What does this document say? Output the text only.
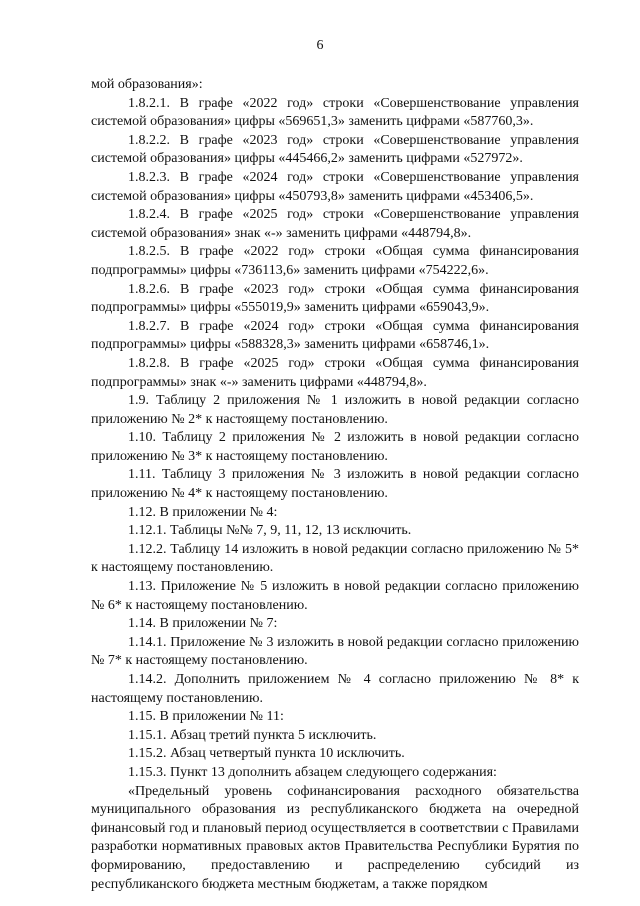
6

мой образования»:

1.8.2.1. В графе «2022 год» строки «Совершенствование управления системой образования» цифры «569651,3» заменить цифрами «587760,3».

1.8.2.2. В графе «2023 год» строки «Совершенствование управления системой образования» цифры «445466,2» заменить цифрами «527972».

1.8.2.3. В графе «2024 год» строки «Совершенствование управления системой образования» цифры «450793,8» заменить цифрами «453406,5».

1.8.2.4. В графе «2025 год» строки «Совершенствование управления системой образования» знак «-» заменить цифрами «448794,8».

1.8.2.5. В графе «2022 год» строки «Общая сумма финансирования подпрограммы» цифры «736113,6» заменить цифрами «754222,6».

1.8.2.6. В графе «2023 год» строки «Общая сумма финансирования подпрограммы» цифры «555019,9» заменить цифрами «659043,9».

1.8.2.7. В графе «2024 год» строки «Общая сумма финансирования подпрограммы» цифры «588328,3» заменить цифрами «658746,1».

1.8.2.8. В графе «2025 год» строки «Общая сумма финансирования подпрограммы» знак «-» заменить цифрами «448794,8».

1.9. Таблицу 2 приложения № 1 изложить в новой редакции согласно приложению № 2* к настоящему постановлению.

1.10. Таблицу 2 приложения № 2 изложить в новой редакции согласно приложению № 3* к настоящему постановлению.

1.11. Таблицу 3 приложения № 3 изложить в новой редакции согласно приложению № 4* к настоящему постановлению.

1.12. В приложении № 4:

1.12.1. Таблицы №№ 7, 9, 11, 12, 13 исключить.

1.12.2. Таблицу 14 изложить в новой редакции согласно приложению № 5* к настоящему постановлению.

1.13. Приложение № 5 изложить в новой редакции согласно приложению № 6* к настоящему постановлению.

1.14. В приложении № 7:

1.14.1. Приложение № 3 изложить в новой редакции согласно приложению № 7* к настоящему постановлению.

1.14.2. Дополнить приложением № 4 согласно приложению № 8* к настоящему постановлению.

1.15. В приложении № 11:

1.15.1. Абзац третий пункта 5 исключить.

1.15.2. Абзац четвертый пункта 10 исключить.

1.15.3. Пункт 13 дополнить абзацем следующего содержания:

«Предельный уровень софинансирования расходного обязательства муниципального образования из республиканского бюджета на очередной финансовый год и плановый период осуществляется в соответствии с Правилами разработки нормативных правовых актов Правительства Республики Бурятия по формированию, предоставлению и распределению субсидий из республиканского бюджета местным бюджетам, а также порядком
